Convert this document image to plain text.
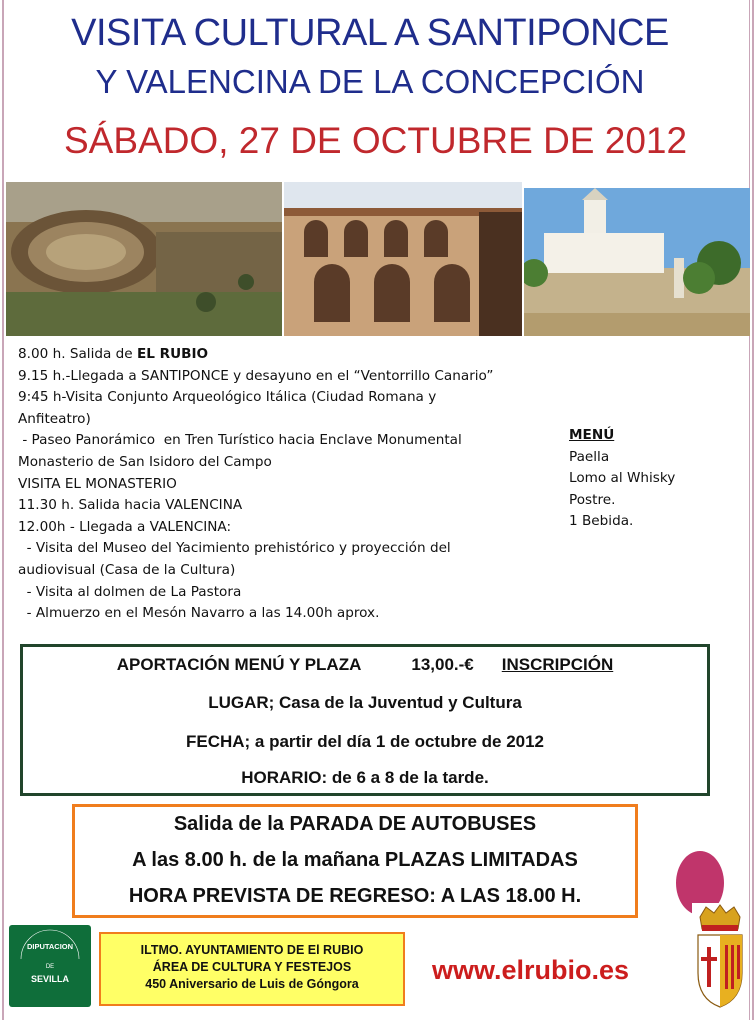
VISITA CULTURAL A SANTIPONCE
Y VALENCINA DE LA CONCEPCIÓN
SÁBADO, 27 DE OCTUBRE DE 2012
8.00 h. Salida de EL RUBIO
9.15 h.-Llegada a SANTIPONCE y desayuno en el “Ventorrillo Canario”
9:45 h-Visita Conjunto Arqueológico Itálica (Ciudad Romana y
Anfiteatro)
- Paseo Panorámico  en Tren Turístico hacia Enclave Monumental
Monasterio de San Isidoro del Campo
VISITA EL MONASTERIO
11.30 h. Salida hacia VALENCINA
12.00h - Llegada a VALENCINA:
- Visita del Museo del Yacimiento prehistórico y proyección del
audiovisual (Casa de la Cultura)
- Visita al dolmen de La Pastora
- Almuerzo en el Mesón Navarro a las 14.00h aprox.
MENÚ
Paella
Lomo al Whisky
Postre.
1 Bebida.
APORTACIÓN MENÚ Y PLAZA	13,00.-€ INSCRIPCIÓN
LUGAR; Casa de la Juventud y Cultura
FECHA; a partir del día 1 de octubre de 2012
HORARIO: de 6 a 8 de la tarde.
Salida de la PARADA DE AUTOBUSES
A las 8.00 h. de la mañana PLAZAS LIMITADAS
HORA PREVISTA DE REGRESO: A LAS 18.00 H.
DIPUTACION
DE
SEVILLA
ILTMO. AYUNTAMIENTO DE El RUBIO
ÁREA DE CULTURA Y FESTEJOS
450 Aniversario de Luis de Góngora	www.elrubio.es
